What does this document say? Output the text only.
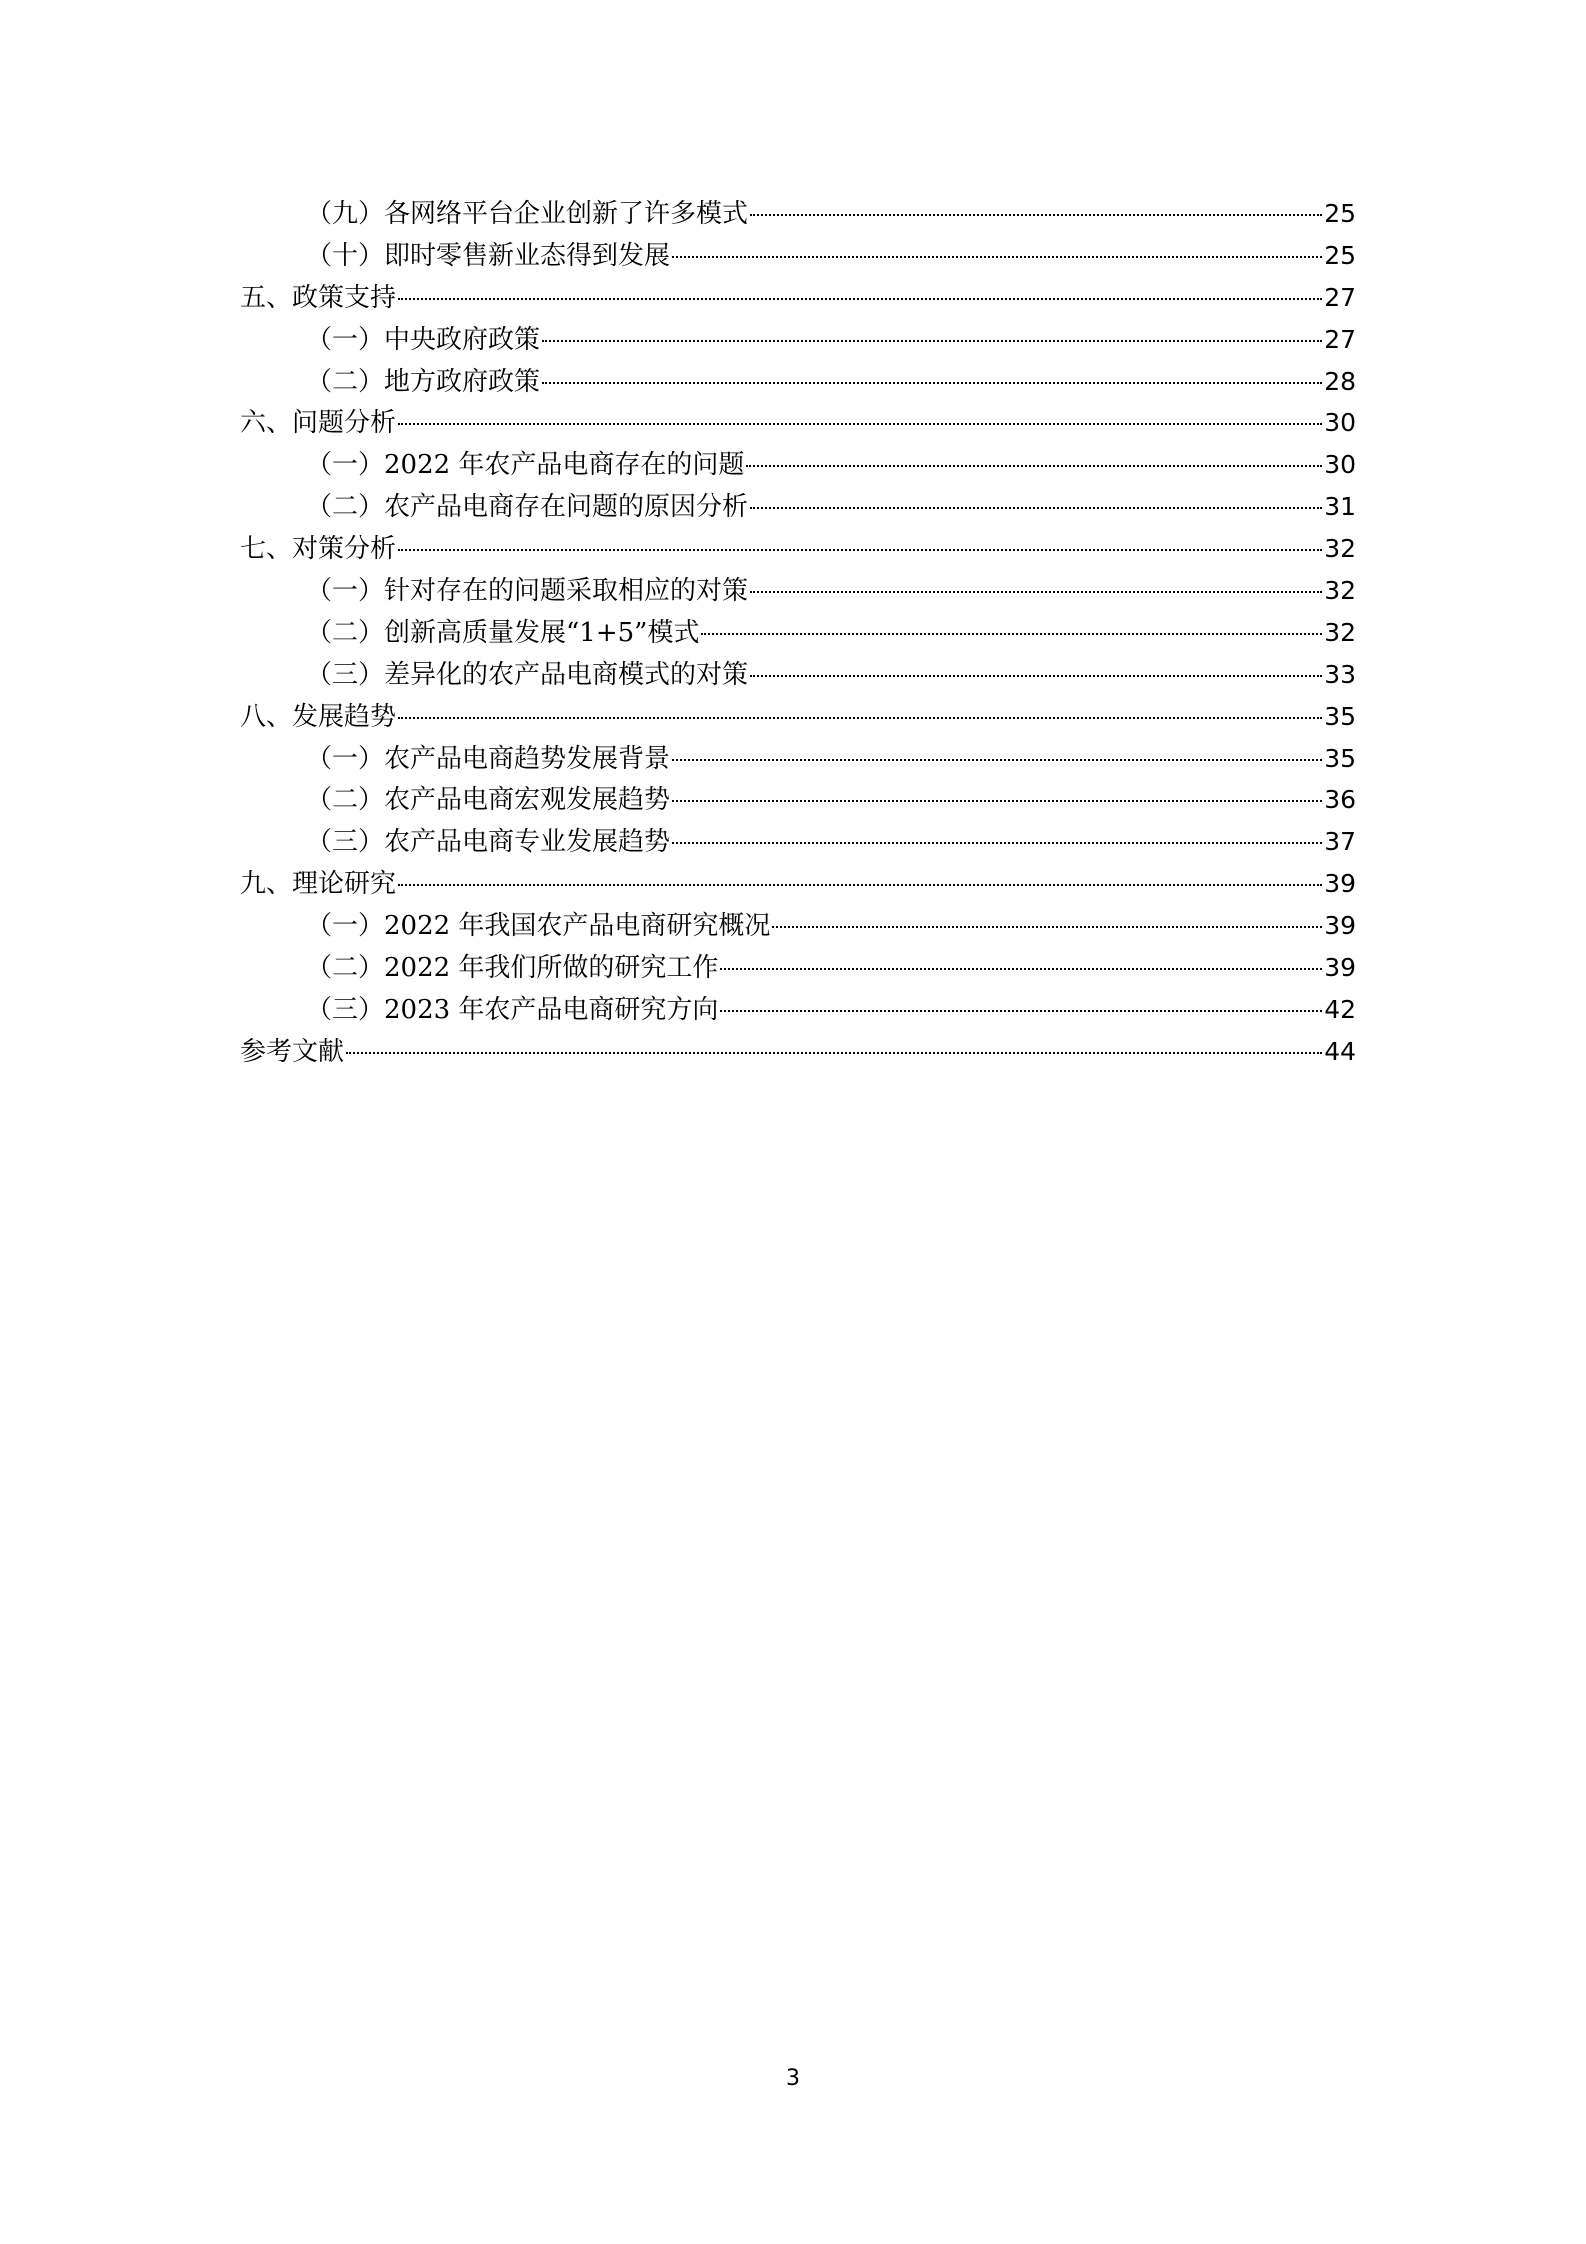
（九）各网络平台企业创新了许多模式	25
（十）即时零售新业态得到发展	25
五、政策支持	27
（一）中央政府政策	27
（二）地方政府政策	28
六、问题分析	30
（一）2022 年农产品电商存在的问题	30
（二）农产品电商存在问题的原因分析	31
七、对策分析	32
（一）针对存在的问题采取相应的对策	32
（二）创新高质量发展“1+5”模式	32
（三）差异化的农产品电商模式的对策	33
八、发展趋势	35
（一）农产品电商趋势发展背景	35
（二）农产品电商宏观发展趋势	36
（三）农产品电商专业发展趋势	37
九、理论研究	39
（一）2022 年我国农产品电商研究概况	39
（二）2022 年我们所做的研究工作	39
（三）2023 年农产品电商研究方向	42
参考文献	44
3
